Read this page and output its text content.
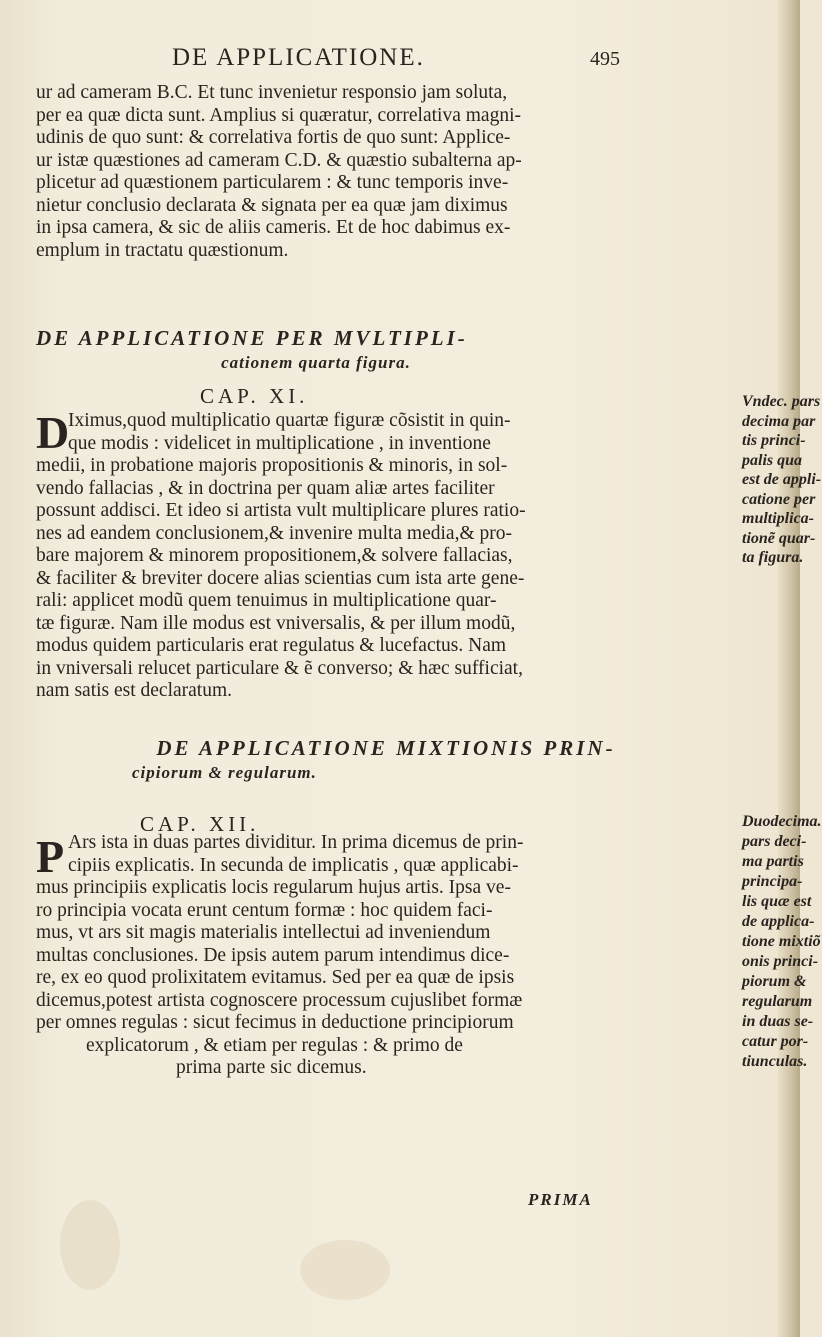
DE APPLICATIONE.	495
ur ad cameram B.C. Et tunc invenietur responsio jam soluta,
per ea quæ dicta sunt. Amplius si quæratur, correlativa magni-
udinis de quo sunt: & correlativa fortis de quo sunt: Applice-
ur istæ quæstiones ad cameram C.D. & quæstio subalterna ap-
plicetur ad quæstionem particularem : & tunc temporis inve-
nietur conclusio declarata & signata per ea quæ jam diximus
in ipsa camera, & sic de aliis cameris. Et de hoc dabimus ex-
emplum in tractatu quæstionum.
DE APPLICATIONE PER MVLTIPLI-
cationem quarta figura.
CAP. XI.
D
Iximus,quod multiplicatio quartæ figuræ cõsistit in quin-
que modis : videlicet in multiplicatione , in inventione
medii, in probatione majoris propositionis & minoris, in sol-
vendo fallacias , & in doctrina per quam aliæ artes faciliter
possunt addisci. Et ideo si artista vult multiplicare plures ratio-
nes ad eandem conclusionem,& invenire multa media,& pro-
bare majorem & minorem propositionem,& solvere fallacias,
& faciliter & breviter docere alias scientias cum ista arte gene-
rali: applicet modũ quem tenuimus in multiplicatione quar-
tæ figuræ. Nam ille modus est vniversalis, & per illum modũ,
modus quidem particularis erat regulatus & lucefactus. Nam
in vniversali relucet particulare & ẽ converso; & hæc sufficiat,
nam satis est declaratum.
Vndec. pars
decima par
tis princi-
palis qua
est de appli-
catione per
multiplica-
tionẽ quar-
ta figura.
DE APPLICATIONE MIXTIONIS PRIN-
cipiorum & regularum.
CAP. XII.
P Ars ista in duas partes dividitur. In prima dicemus de prin-
cipiis explicatis. In secunda de implicatis , quæ applicabi-
mus principiis explicatis locis regularum hujus artis. Ipsa ve-
ro principia vocata erunt centum formæ : hoc quidem faci-
mus, vt ars sit magis materialis intellectui ad inveniendum
multas conclusiones. De ipsis autem parum intendimus dice-
re, ex eo quod prolixitatem evitamus. Sed per ea quæ de ipsis
dicemus,potest artista cognoscere processum cujuslibet formæ
per omnes regulas : sicut fecimus in deductione principiorum
explicatorum , & etiam per regulas : & primo de
prima parte sic dicemus.
Duodecima.
pars deci-
ma partis
principa-
lis quæ est
de applica-
tione mixtiõ
onis princi-
piorum &
regularum
in duas se-
catur por-
tiunculas.
PRIMA
